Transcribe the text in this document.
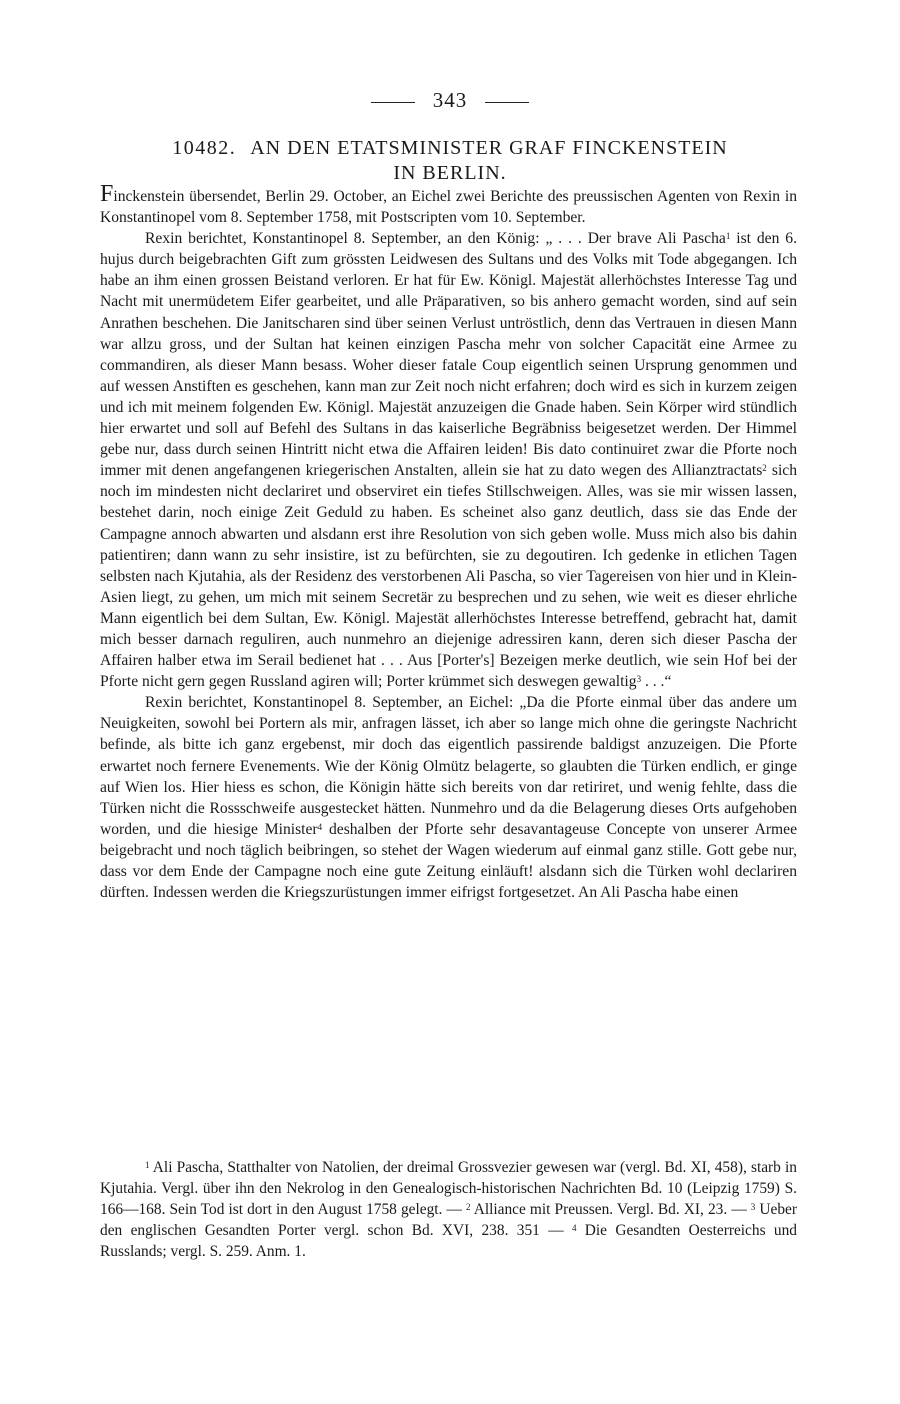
343
10482. AN DEN ETATSMINISTER GRAF FINCKENSTEIN
IN BERLIN.

Finckenstein übersendet, Berlin 29. October, an Eichel zwei Berichte des preussischen Agenten von Rexin in Konstantinopel vom 8. September 1758, mit Postscripten vom 10. September.

Rexin berichtet, Konstantinopel 8. September, an den König: „ . . . Der brave Ali Pascha$^1$ ist den 6. hujus durch beigebrachten Gift zum grössten Leidwesen des Sultans und des Volks mit Tode abgegangen. Ich habe an ihm einen grossen Beistand verloren. Er hat für Ew. Königl. Majestät allerhöchstes Interesse Tag und Nacht mit unermüdetem Eifer gearbeitet, und alle Präparativen, so bis anhero gemacht worden, sind auf sein Anrathen beschehen. Die Janitscharen sind über seinen Verlust untröstlich, denn das Vertrauen in diesen Mann war allzu gross, und der Sultan hat keinen einzigen Pascha mehr von solcher Capacität eine Armee zu commandiren, als dieser Mann besass. Woher dieser fatale Coup eigentlich seinen Ursprung genommen und auf wessen Anstiften es geschehen, kann man zur Zeit noch nicht erfahren; doch wird es sich in kurzem zeigen und ich mit meinem folgenden Ew. Königl. Majestät anzuzeigen die Gnade haben. Sein Körper wird stündlich hier erwartet und soll auf Befehl des Sultans in das kaiserliche Begräbniss beigesetzet werden. Der Himmel gebe nur, dass durch seinen Hintritt nicht etwa die Affairen leiden! Bis dato continuiret zwar die Pforte noch immer mit denen angefangenen kriegerischen Anstalten, allein sie hat zu dato wegen des Allianztractats$^2$ sich noch im mindesten nicht declariret und observiret ein tiefes Stillschweigen. Alles, was sie mir wissen lassen, bestehet darin, noch einige Zeit Geduld zu haben. Es scheinet also ganz deutlich, dass sie das Ende der Campagne annoch abwarten und alsdann erst ihre Resolution von sich geben wolle. Muss mich also bis dahin patientiren; dann wann zu sehr insistire, ist zu befürchten, sie zu degoutiren. Ich gedenke in etlichen Tagen selbsten nach Kjutahia, als der Residenz des verstorbenen Ali Pascha, so vier Tagereisen von hier und in Klein-Asien liegt, zu gehen, um mich mit seinem Secretär zu besprechen und zu sehen, wie weit es dieser ehrliche Mann eigentlich bei dem Sultan, Ew. Königl. Majestät allerhöchstes Interesse betreffend, gebracht hat, damit mich besser darnach reguliren, auch nunmehro an diejenige adressiren kann, deren sich dieser Pascha der Affairen halber etwa im Serail bedienet hat . . . Aus [Porter's] Bezeigen merke deutlich, wie sein Hof bei der Pforte nicht gern gegen Russland agiren will; Porter krümmet sich deswegen gewaltig$^3$ . . .“

Rexin berichtet, Konstantinopel 8. September, an Eichel: „Da die Pforte einmal über das andere um Neuigkeiten, sowohl bei Portern als mir, anfragen lässet, ich aber so lange mich ohne die geringste Nachricht befinde, als bitte ich ganz ergebenst, mir doch das eigentlich passirende baldigst anzuzeigen. Die Pforte erwartet noch fernere Evenements. Wie der König Olmütz belagerte, so glaubten die Türken endlich, er ginge auf Wien los. Hier hiess es schon, die Königin hätte sich bereits von dar retiriret, und wenig fehlte, dass die Türken nicht die Rossschweife ausgestecket hätten. Nunmehro und da die Belagerung dieses Orts aufgehoben worden, und die hiesige Minister$^4$ deshalben der Pforte sehr desavantageuse Concepte von unserer Armee beigebracht und noch täglich beibringen, so stehet der Wagen wiederum auf einmal ganz stille. Gott gebe nur, dass vor dem Ende der Campagne noch eine gute Zeitung einläuft! alsdann sich die Türken wohl declariren dürften. Indessen werden die Kriegszurüstungen immer eifrigst fortgesetzet. An Ali Pascha habe einen

$^1$ Ali Pascha, Statthalter von Natolien, der dreimal Grossvezier gewesen war (vergl. Bd. XI, 458), starb in Kjutahia. Vergl. über ihn den Nekrolog in den Genealogisch-historischen Nachrichten Bd. 10 (Leipzig 1759) S. 166—168. Sein Tod ist dort in den August 1758 gelegt. — $^2$ Alliance mit Preussen. Vergl. Bd. XI, 23. — $^3$ Ueber den englischen Gesandten Porter vergl. schon Bd. XVI, 238. 351 — $^4$ Die Gesandten Oesterreichs und Russlands; vergl. S. 259. Anm. 1.
